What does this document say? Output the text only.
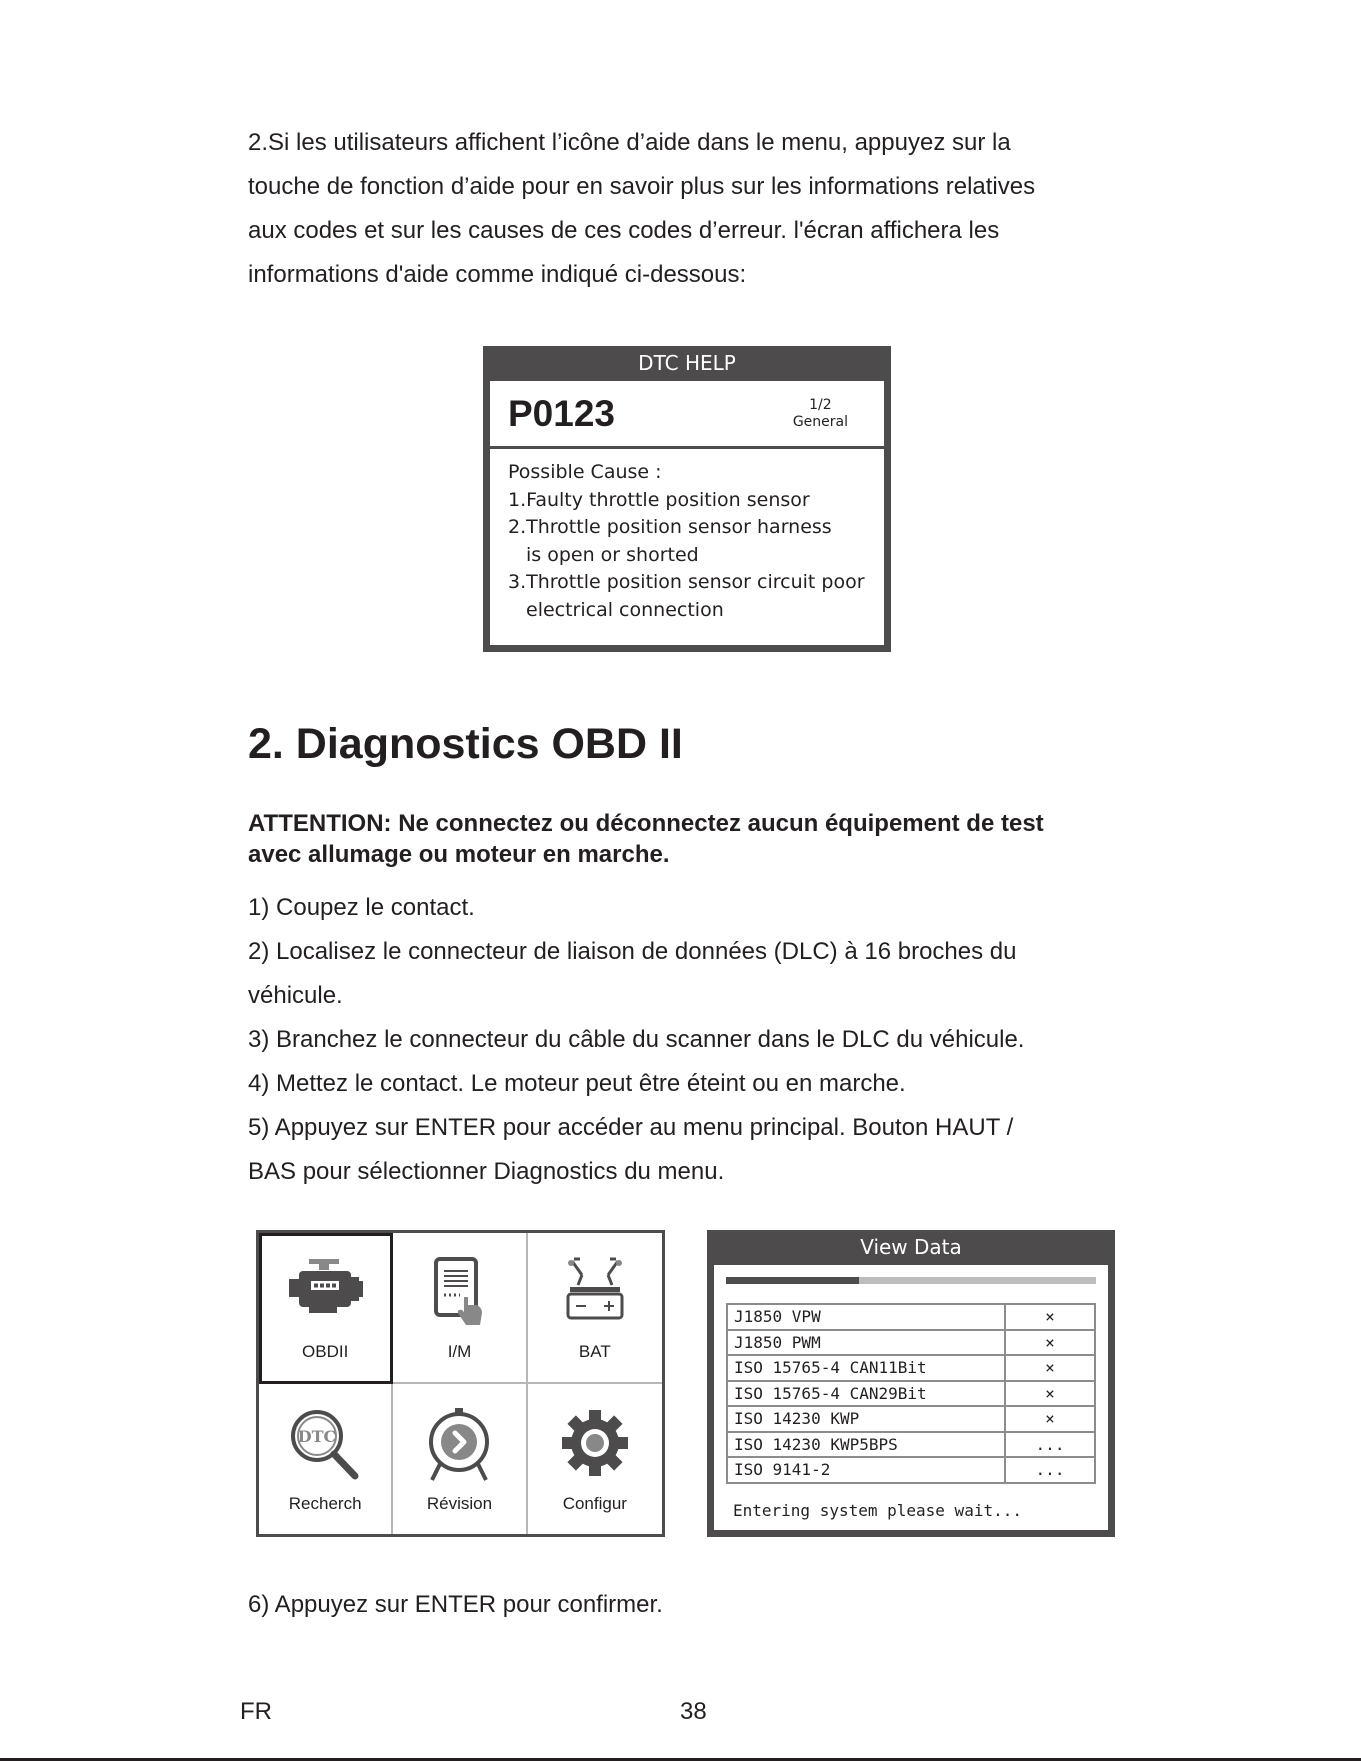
2.Si les utilisateurs affichent l’icône d’aide dans le menu, appuyez sur la
touche de fonction d’aide pour en savoir plus sur les informations relatives
aux codes et sur les causes de ces codes d’erreur. l'écran affichera les
informations d'aide comme indiqué ci-dessous:
DTC HELP
P0123	1/2
General
Possible Cause :
1.Faulty throttle position sensor
2.Throttle position sensor harness
is open or shorted
3.Throttle position sensor circuit poor
electrical connection
2. Diagnostics OBD II
ATTENTION: Ne connectez ou déconnectez aucun équipement de test
avec allumage ou moteur en marche.
1) Coupez le contact.
2) Localisez le connecteur de liaison de données (DLC) à 16 broches du
véhicule.
3) Branchez le connecteur du câble du scanner dans le DLC du véhicule.
4) Mettez le contact. Le moteur peut être éteint ou en marche.
5) Appuyez sur ENTER pour accéder au menu principal. Bouton HAUT /
BAS pour sélectionner Diagnostics du menu.
OBDII	I/M	BAT
DTC
Recherch	Révision	Configur
View Data
J1850 VPW	×
J1850 PWM	×
ISO 15765-4 CAN11Bit	×
ISO 15765-4 CAN29Bit	×
ISO 14230 KWP	×
ISO 14230 KWP5BPS	...
ISO 9141-2	...
Entering system please wait...

6) Appuyez sur ENTER pour confirmer.

FR	38
